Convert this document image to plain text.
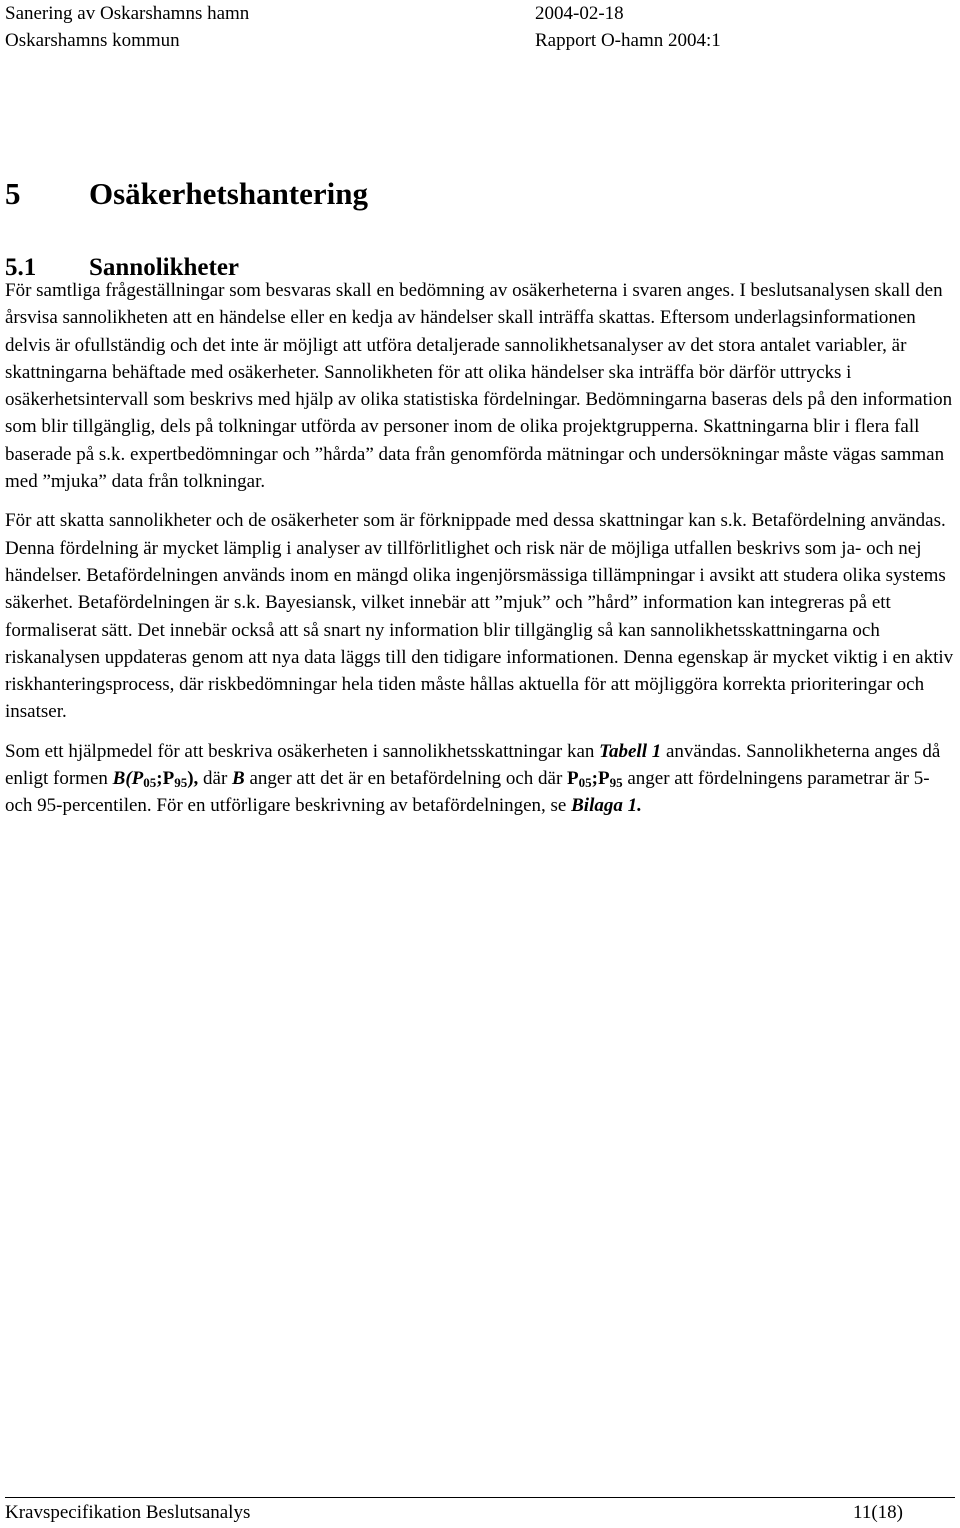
Sanering av Oskarshamns hamn	2004-02-18
Oskarshamns kommun	Rapport O-hamn 2004:1
5 Osäkerhetshantering
5.1 Sannolikheter

För samtliga frågeställningar som besvaras skall en bedömning av osäkerheterna i svaren anges. I beslutsanalysen skall den årsvisa sannolikheten att en händelse eller en kedja av händelser skall inträffa skattas. Eftersom underlagsinformationen delvis är ofullständig och det inte är möjligt att utföra detaljerade sannolikhetsanalyser av det stora antalet variabler, är skattningarna behäftade med osäkerheter. Sannolikheten för att olika händelser ska inträffa bör därför uttrycks i osäkerhetsintervall som beskrivs med hjälp av olika statistiska fördelningar. Bedömningarna baseras dels på den information som blir tillgänglig, dels på tolkningar utförda av personer inom de olika projektgrupperna. Skattningarna blir i flera fall baserade på s.k. expertbedömningar och ”hårda” data från genomförda mätningar och undersökningar måste vägas samman med ”mjuka” data från tolkningar.

För att skatta sannolikheter och de osäkerheter som är förknippade med dessa skattningar kan s.k. Betafördelning användas. Denna fördelning är mycket lämplig i analyser av tillförlitlighet och risk när de möjliga utfallen beskrivs som ja- och nej händelser. Betafördelningen används inom en mängd olika ingenjörsmässiga tillämpningar i avsikt att studera olika systems säkerhet. Betafördelningen är s.k. Bayesiansk, vilket innebär att ”mjuk” och ”hård” information kan integreras på ett formaliserat sätt. Det innebär också att så snart ny information blir tillgänglig så kan sannolikhetsskattningarna och riskanalysen uppdateras genom att nya data läggs till den tidigare informationen. Denna egenskap är mycket viktig i en aktiv riskhanteringsprocess, där riskbedömningar hela tiden måste hållas aktuella för att möjliggöra korrekta prioriteringar och insatser.

Som ett hjälpmedel för att beskriva osäkerheten i sannolikhetsskattningar kan Tabell 1 användas. Sannolikheterna anges då enligt formen $B(P_{05};P_{95})$, där B anger att det är en betafördelning och där $P_{05};P_{95}$ anger att fördelningens parametrar är 5- och 95-percentilen. För en utförligare beskrivning av betafördelningen, se Bilaga 1.

Kravspecifikation Beslutsanalys	11(18)
